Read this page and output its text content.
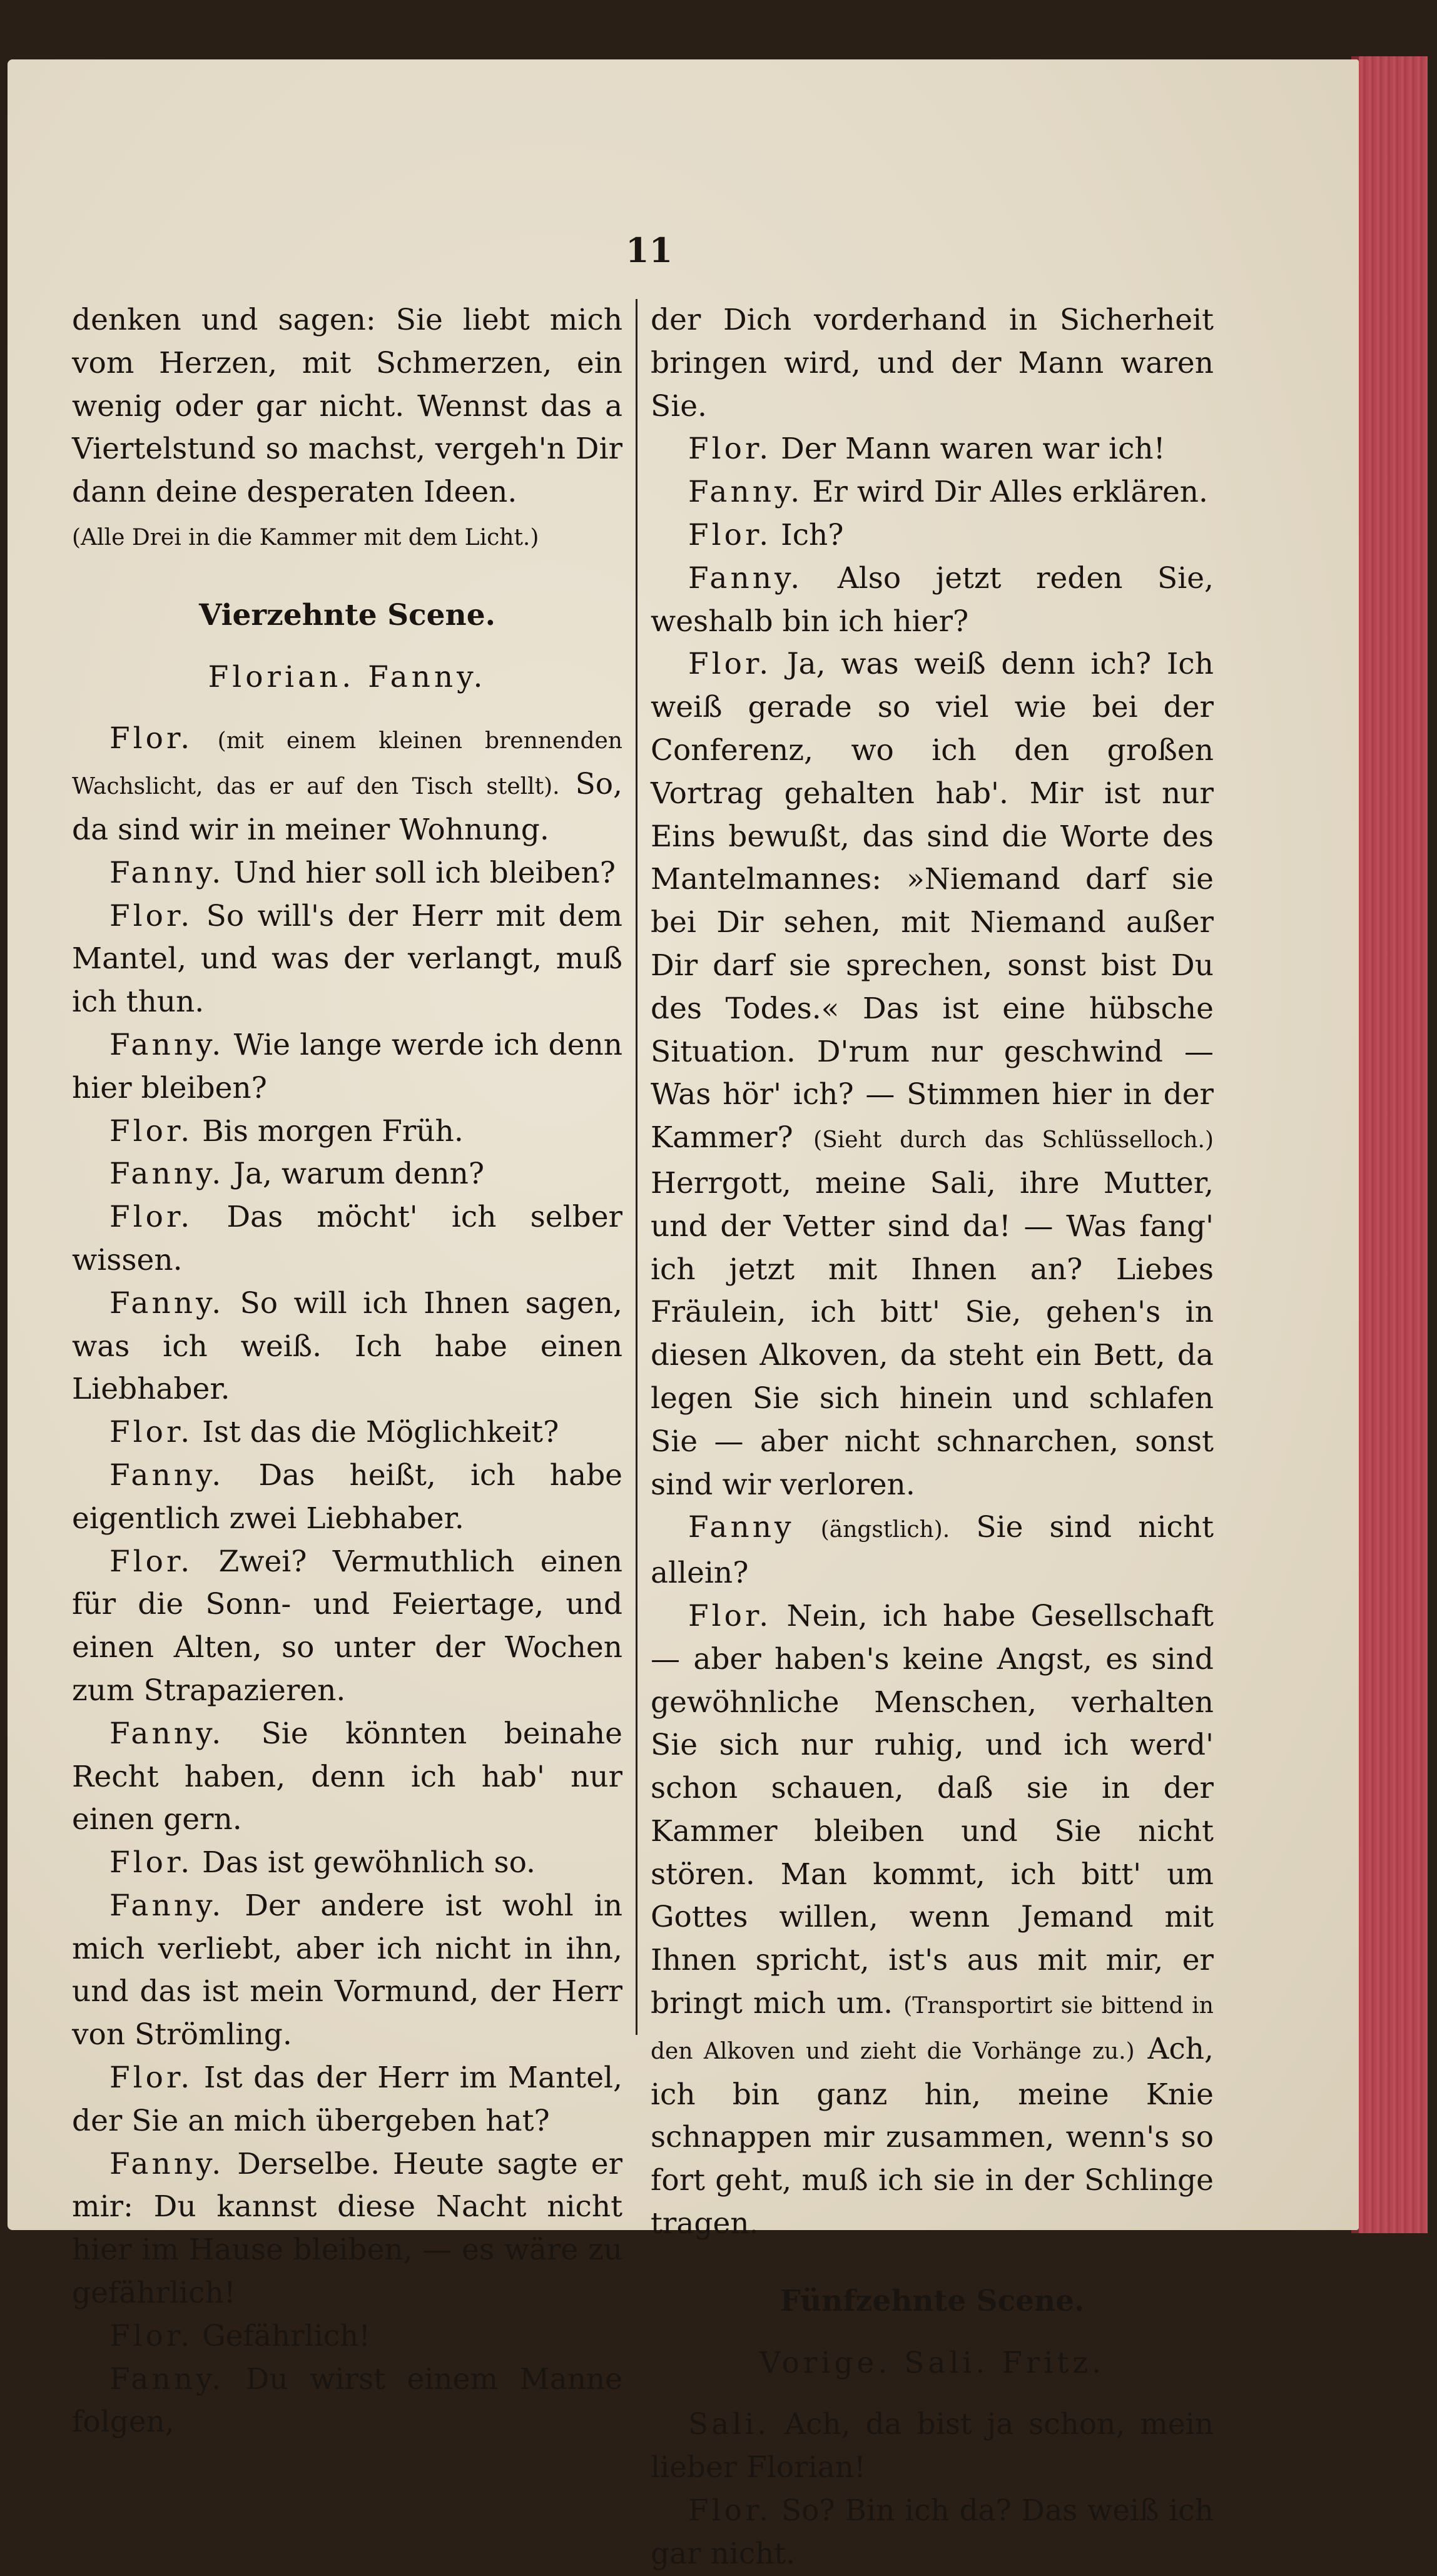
11

denken und sagen: Sie liebt mich vom Herzen, mit Schmerzen, ein wenig oder gar nicht. Wennst das a Viertelstund so machst, vergeh'n Dir dann deine desperaten Ideen.

(Alle Drei in die Kammer mit dem Licht.)

Vierzehnte Scene.

Florian. Fanny.

Flor. (mit einem kleinen brennenden Wachslicht, das er auf den Tisch stellt). So, da sind wir in meiner Wohnung.

Fanny. Und hier soll ich bleiben?

Flor. So will's der Herr mit dem Mantel, und was der verlangt, muß ich thun.

Fanny. Wie lange werde ich denn hier bleiben?

Flor. Bis morgen Früh.

Fanny. Ja, warum denn?

Flor. Das möcht' ich selber wissen.

Fanny. So will ich Ihnen sagen, was ich weiß. Ich habe einen Liebhaber.

Flor. Ist das die Möglichkeit?

Fanny. Das heißt, ich habe eigentlich zwei Liebhaber.

Flor. Zwei? Vermuthlich einen für die Sonn- und Feiertage, und einen Alten, so unter der Wochen zum Strapazieren.

Fanny. Sie könnten beinahe Recht haben, denn ich hab' nur einen gern.

Flor. Das ist gewöhnlich so.

Fanny. Der andere ist wohl in mich verliebt, aber ich nicht in ihn, und das ist mein Vormund, der Herr von Strömling.

Flor. Ist das der Herr im Mantel, der Sie an mich übergeben hat?

Fanny. Derselbe. Heute sagte er mir: Du kannst diese Nacht nicht hier im Hause bleiben, — es wäre zu gefährlich!

Flor. Gefährlich!

Fanny. Du wirst einem Manne folgen,

der Dich vorderhand in Sicherheit bringen wird, und der Mann waren Sie.

Flor. Der Mann waren war ich!

Fanny. Er wird Dir Alles erklären.

Flor. Ich?

Fanny. Also jetzt reden Sie, weshalb bin ich hier?

Flor. Ja, was weiß denn ich? Ich weiß gerade so viel wie bei der Conferenz, wo ich den großen Vortrag gehalten hab'. Mir ist nur Eins bewußt, das sind die Worte des Mantelmannes: »Niemand darf sie bei Dir sehen, mit Niemand außer Dir darf sie sprechen, sonst bist Du des Todes.« Das ist eine hübsche Situation. D'rum nur geschwind — Was hör' ich? — Stimmen hier in der Kammer? (Sieht durch das Schlüsselloch.) Herrgott, meine Sali, ihre Mutter, und der Vetter sind da! — Was fang' ich jetzt mit Ihnen an? Liebes Fräulein, ich bitt' Sie, gehen's in diesen Alkoven, da steht ein Bett, da legen Sie sich hinein und schlafen Sie — aber nicht schnarchen, sonst sind wir verloren.

Fanny (ängstlich). Sie sind nicht allein?

Flor. Nein, ich habe Gesellschaft — aber haben's keine Angst, es sind gewöhnliche Menschen, verhalten Sie sich nur ruhig, und ich werd' schon schauen, daß sie in der Kammer bleiben und Sie nicht stören. Man kommt, ich bitt' um Gottes willen, wenn Jemand mit Ihnen spricht, ist's aus mit mir, er bringt mich um. (Transportirt sie bittend in den Alkoven und zieht die Vorhänge zu.) Ach, ich bin ganz hin, meine Knie schnappen mir zusammen, wenn's so fort geht, muß ich sie in der Schlinge tragen.

Fünfzehnte Scene.

Vorige. Sali. Fritz.

Sali. Ach, da bist ja schon, mein lieber Florian!

Flor. So? Bin ich da? Das weiß ich gar nicht.
